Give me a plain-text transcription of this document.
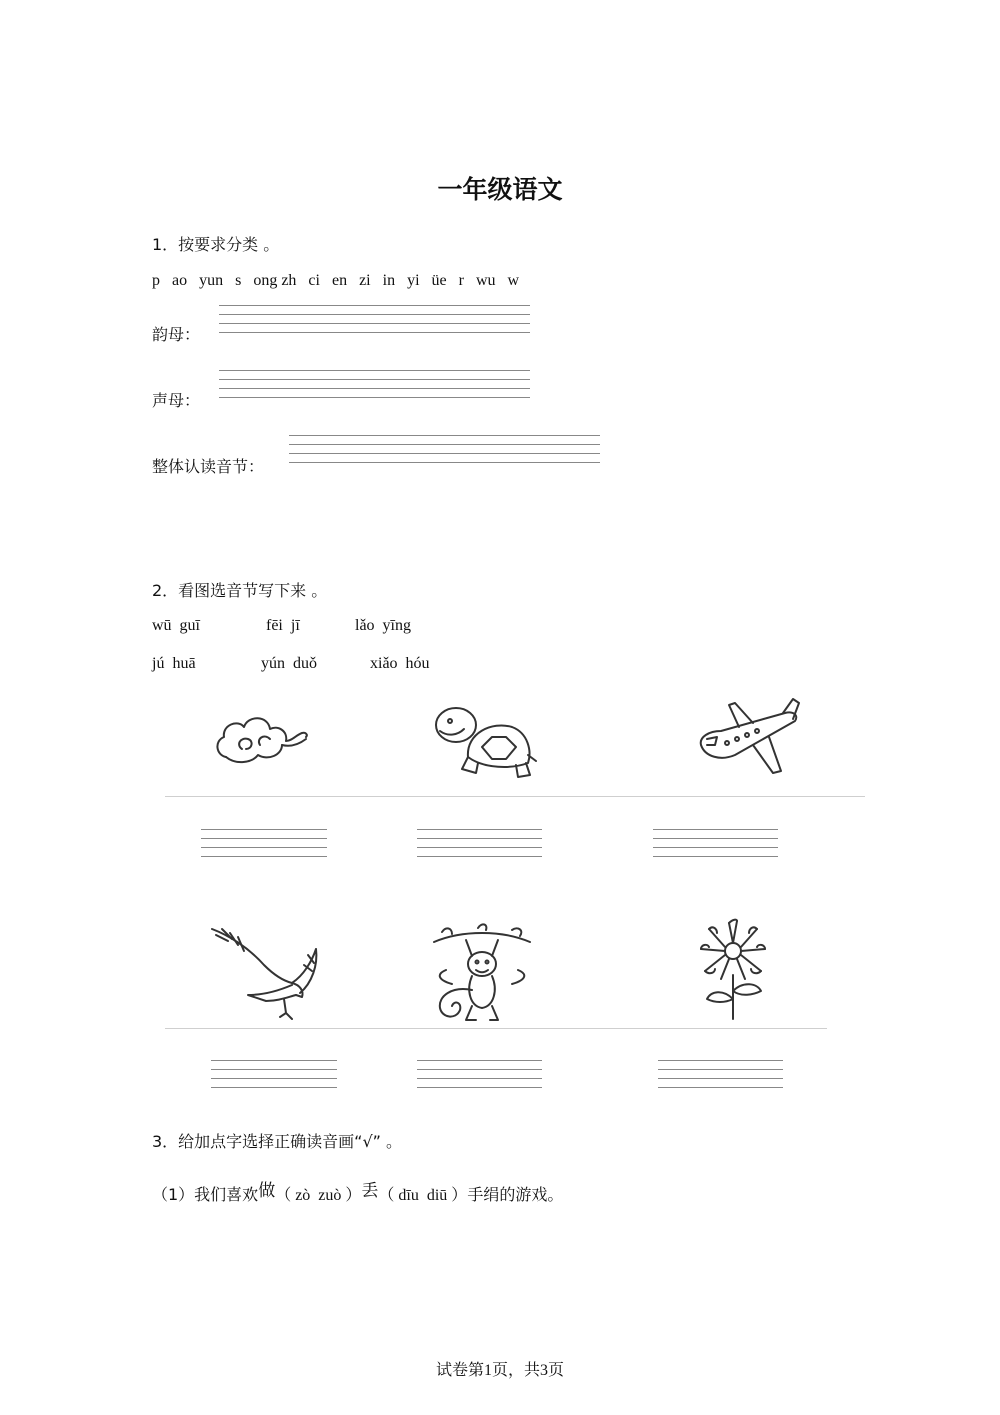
一年级语文
1．按要求分类 。
p   ao   yun   s   ong zh   ci   en   zi   in   yi   üe   r   wu   w
韵母：
声母：
整体认读音节：
2．看图选音节写下来 。
wū  guī	fēi  jī	lǎo  yīng
jú  huā	yún  duǒ	xiǎo  hóu
3．给加点字选择正确读音画“√” 。
（1）我们喜欢做（ zò  zuò ）丢（ dīu  diū ）手绢的游戏。
试卷第1页，共3页
